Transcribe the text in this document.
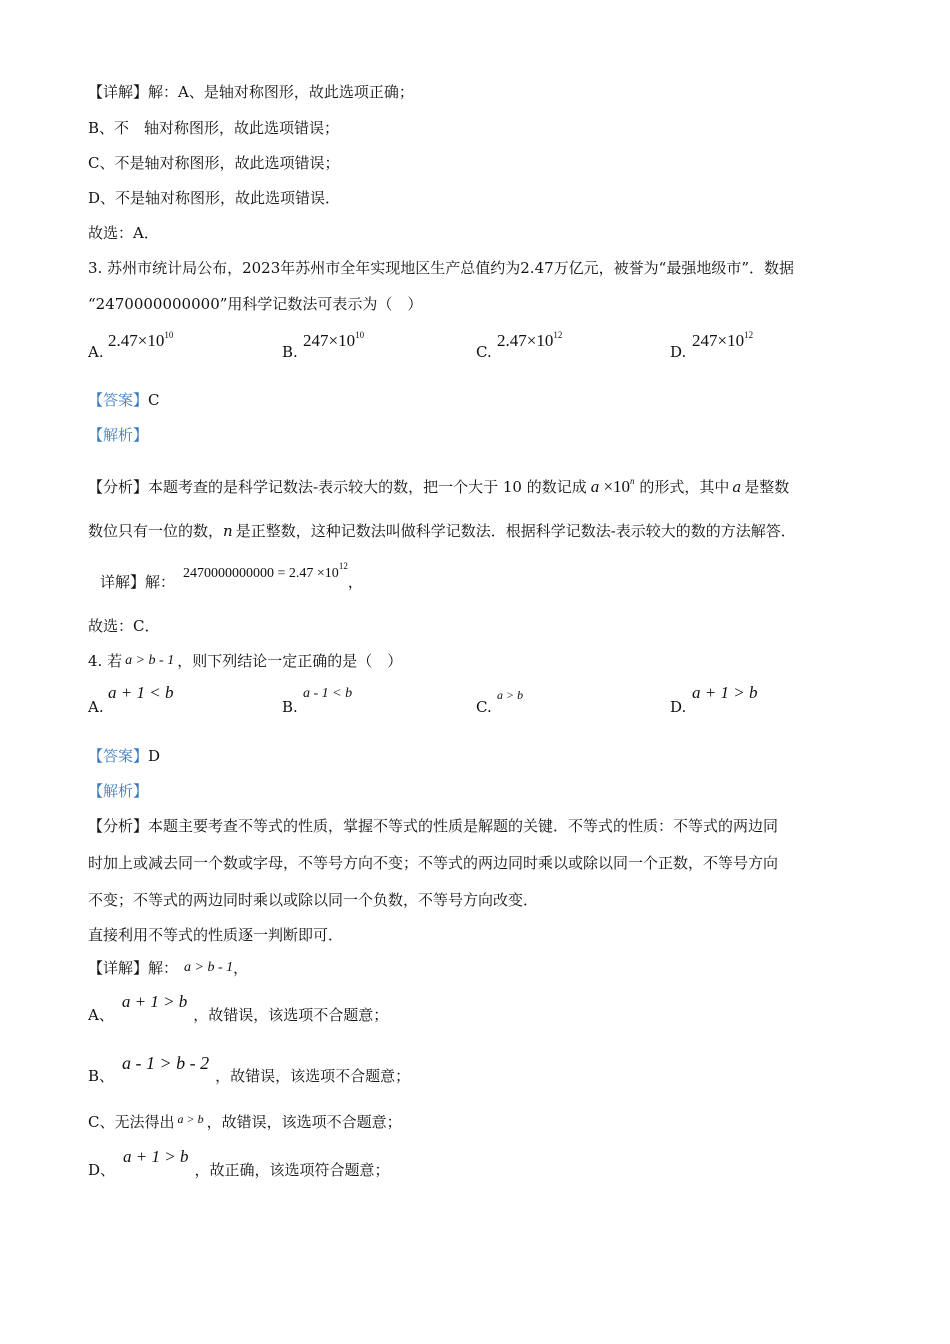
【详解】解：A、是轴对称图形，故此选项正确；
B、不　轴对称图形，故此选项错误；
C、不是轴对称图形，故此选项错误；
D、不是轴对称图形，故此选项错误．
故选：A．
3. 苏州市统计局公布，2023年苏州市全年实现地区生产总值约为2.47万亿元，被誉为“最强地级市”．数据
“2470000000000”用科学记数法可表示为（　）
A.
$2.47\times 10^{10}$
B.
$247\times 10^{10}$
C.
$2.47\times 10^{12}$
D.
$247\times 10^{12}$
【答案】C
【解析】
【分析】本题考查的是科学记数法-表示较大的数，把一个大于 10 的数记成 $a \times 10^n$ 的形式，其中 a 是整数
数位只有一位的数，n 是正整数，这种记数法叫做科学记数法．根据科学记数法-表示较大的数的方法解答．
详解】解： $2470000000000 = 2.47 \times 10^{12}$，
故选：C．
4. 若 a > b - 1 ，则下列结论一定正确的是（　）
A.
a + 1 < b
B.
a - 1 < b
C.
a > b
D.
a + 1 > b
【答案】D
【解析】
【分析】本题主要考查不等式的性质，掌握不等式的性质是解题的关键．不等式的性质：不等式的两边同
时加上或减去同一个数或字母，不等号方向不变；不等式的两边同时乘以或除以同一个正数，不等号方向
不变；不等式的两边同时乘以或除以同一个负数，不等号方向改变．
直接利用不等式的性质逐一判断即可．
【详解】解： a > b - 1，
A、a + 1 > b，故错误，该选项不合题意；
B、a - 1 > b - 2，故错误，该选项不合题意；
C、无法得出 $^{a > b}$ ，故错误，该选项不合题意；
D、a + 1 > b，故正确，该选项符合题意；
